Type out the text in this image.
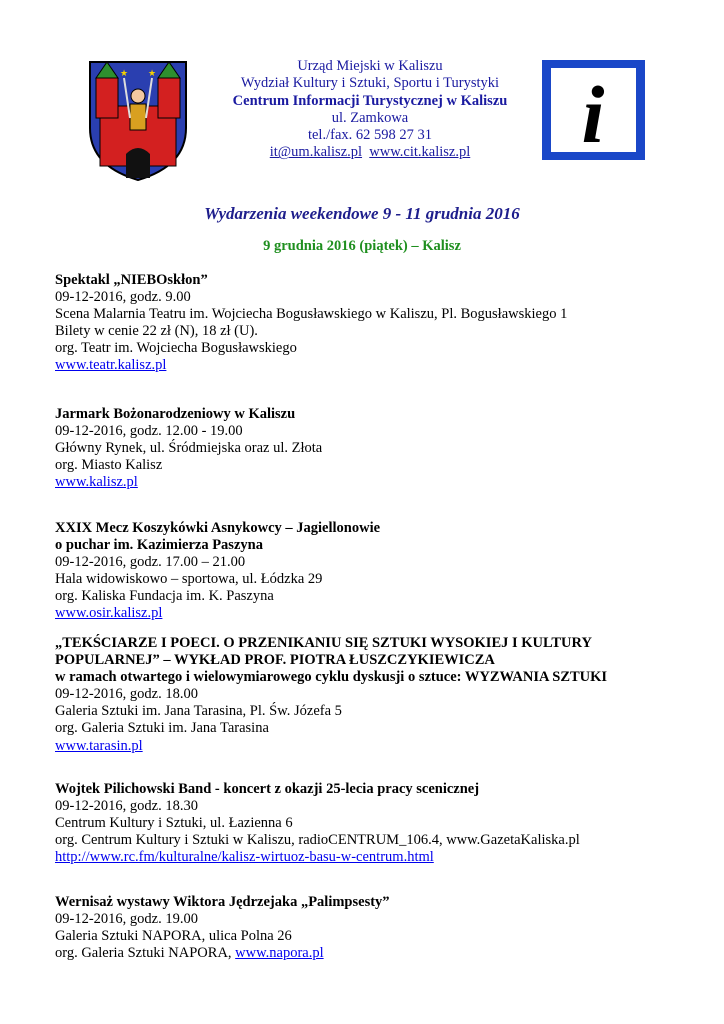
★ ★	Urząd Miejski w Kaliszu
Wydział Kultury i Sztuki, Sportu i Turystyki
Centrum Informacji Turystycznej w Kaliszu
ul. Zamkowa
tel./fax. 62 598 27 31
it@um.kalisz.pl www.cit.kalisz.pl	i
Wydarzenia weekendowe 9 - 11 grudnia 2016
9 grudnia 2016 (piątek) – Kalisz
Spektakl „NIEBOskłon”
09-12-2016, godz. 9.00
Scena Malarnia Teatru im. Wojciecha Bogusławskiego w Kaliszu, Pl. Bogusławskiego 1
Bilety w cenie 22 zł (N), 18 zł (U).
org. Teatr im. Wojciecha Bogusławskiego
www.teatr.kalisz.pl
Jarmark Bożonarodzeniowy w Kaliszu
09-12-2016, godz. 12.00 - 19.00
Główny Rynek, ul. Śródmiejska oraz ul. Złota
org. Miasto Kalisz
www.kalisz.pl
XXIX Mecz Koszykówki Asnykowcy – Jagiellonowie
o puchar im. Kazimierza Paszyna
09-12-2016, godz. 17.00 – 21.00
Hala widowiskowo – sportowa, ul. Łódzka 29
org. Kaliska Fundacja im. K. Paszyna
www.osir.kalisz.pl
„TEKŚCIARZE I POECI. O PRZENIKANIU SIĘ SZTUKI WYSOKIEJ I KULTURY
POPULARNEJ” – WYKŁAD PROF. PIOTRA ŁUSZCZYKIEWICZA
w ramach otwartego i wielowymiarowego cyklu dyskusji o sztuce: WYZWANIA SZTUKI
09-12-2016, godz. 18.00
Galeria Sztuki im. Jana Tarasina, Pl. Św. Józefa 5
org. Galeria Sztuki im. Jana Tarasina
www.tarasin.pl
Wojtek Pilichowski Band - koncert z okazji 25-lecia pracy scenicznej
09-12-2016, godz. 18.30
Centrum Kultury i Sztuki, ul. Łazienna 6
org. Centrum Kultury i Sztuki w Kaliszu, radioCENTRUM_106.4, www.GazetaKaliska.pl
http://www.rc.fm/kulturalne/kalisz-wirtuoz-basu-w-centrum.html
Wernisaż wystawy Wiktora Jędrzejaka „Palimpsesty”
09-12-2016, godz. 19.00
Galeria Sztuki NAPORA, ulica Polna 26
org. Galeria Sztuki NAPORA, www.napora.pl
